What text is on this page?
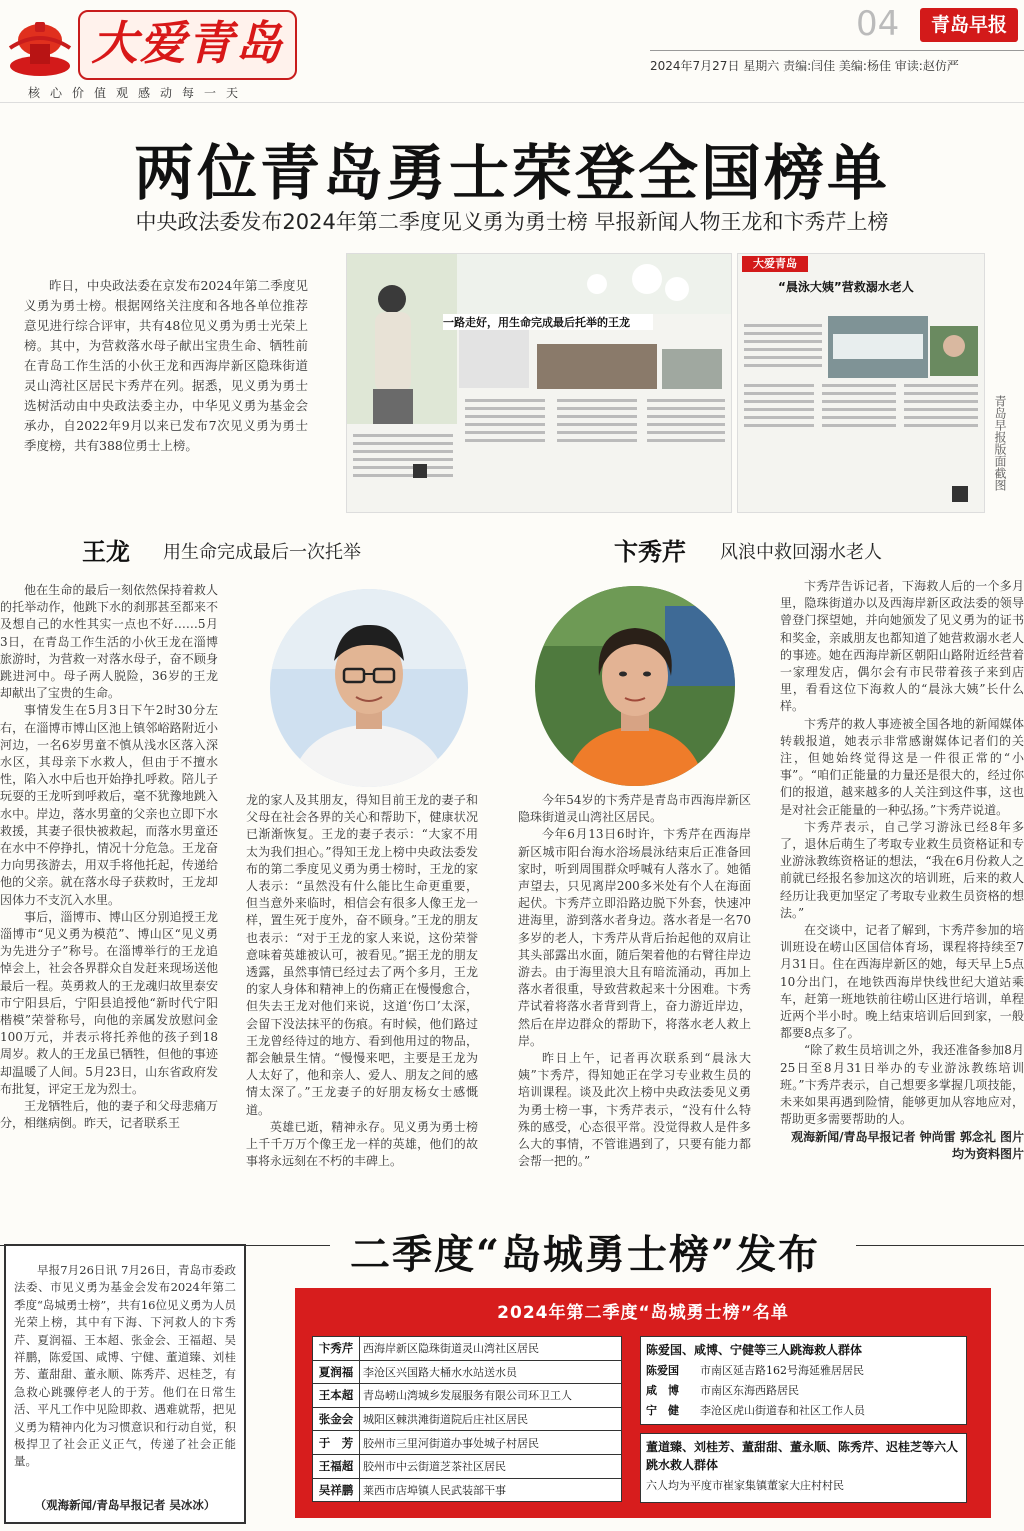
大爱青岛
核心价值观感动每一天
04	青岛早报
2024年7月27日 星期六 责编:闫佳 美编:杨佳 审读:赵仿严
两位青岛勇士荣登全国榜单
中央政法委发布2024年第二季度见义勇为勇士榜 早报新闻人物王龙和卞秀芹上榜

昨日，中央政法委在京发布2024年第二季度见义勇为勇士榜。根据网络关注度和各地各单位推荐意见进行综合评审，共有48位见义勇为勇士光荣上榜。其中，为营救落水母子献出宝贵生命、牺牲前在青岛工作生活的小伙王龙和西海岸新区隐珠街道灵山湾社区居民卞秀芹在列。据悉，见义勇为勇士选树活动由中央政法委主办，中华见义勇为基金会承办，自2022年9月以来已发布7次见义勇为勇士季度榜，共有388位勇士上榜。

一路走好，用生命完成最后托举的王龙
大爱青岛
“晨泳大姨”营救溺水老人
青岛早报版面截图
王龙 用生命完成最后一次托举

他在生命的最后一刻依然保持着救人的托举动作，他跳下水的刹那甚至都来不及想自己的水性其实一点也不好……5月3日，在青岛工作生活的小伙王龙在淄博旅游时，为营救一对落水母子，奋不顾身跳进河中。母子两人脱险，36岁的王龙却献出了宝贵的生命。

事情发生在5月3日下午2时30分左右，在淄博市博山区池上镇邻峪路附近小河边，一名6岁男童不慎从浅水区落入深水区，其母亲下水救人，但由于不擅水性，陷入水中后也开始挣扎呼救。陪儿子玩耍的王龙听到呼救后，毫不犹豫地跳入水中。岸边，落水男童的父亲也立即下水救援，其妻子很快被救起，而落水男童还在水中不停挣扎，情况十分危急。王龙奋力向男孩游去，用双手将他托起，传递给他的父亲。就在落水母子获救时，王龙却因体力不支沉入水里。

事后，淄博市、博山区分别追授王龙淄博市“见义勇为模范”、博山区“见义勇为先进分子”称号。在淄博举行的王龙追悼会上，社会各界群众自发赶来现场送他最后一程。英勇救人的王龙魂归故里泰安市宁阳县后，宁阳县追授他“新时代宁阳楷模”荣誉称号，向他的亲属发放慰问金100万元，并表示将托养他的孩子到18周岁。救人的王龙虽已牺牲，但他的事迹却温暖了人间。5月23日，山东省政府发布批复，评定王龙为烈士。

王龙牺牲后，他的妻子和父母悲痛万分，相继病倒。昨天，记者联系王

龙的家人及其朋友，得知目前王龙的妻子和父母在社会各界的关心和帮助下，健康状况已渐渐恢复。王龙的妻子表示：“大家不用太为我们担心。”得知王龙上榜中央政法委发布的第二季度见义勇为勇士榜时，王龙的家人表示：“虽然没有什么能比生命更重要，但当意外来临时，相信会有很多人像王龙一样，置生死于度外，奋不顾身。”王龙的朋友也表示：“对于王龙的家人来说，这份荣誉意味着英雄被认可，被看见。”据王龙的朋友透露，虽然事情已经过去了两个多月，王龙的家人身体和精神上的伤痛正在慢慢愈合，但失去王龙对他们来说，这道‘伤口’太深，会留下没法抹平的伤痕。有时候，他们路过王龙曾经待过的地方、看到他用过的物品，都会触景生情。“慢慢来吧，主要是王龙为人太好了，他和亲人、爱人、朋友之间的感情太深了。”王龙妻子的好朋友杨女士感慨道。

英雄已逝，精神永存。见义勇为勇士榜上千千万万个像王龙一样的英雄，他们的故事将永远刻在不朽的丰碑上。

卞秀芹 风浪中救回溺水老人

今年54岁的卞秀芹是青岛市西海岸新区隐珠街道灵山湾社区居民。

今年6月13日6时许，卞秀芹在西海岸新区城市阳台海水浴场晨泳结束后正准备回家时，听到周围群众呼喊有人落水了。她循声望去，只见离岸200多米处有个人在海面起伏。卞秀芹立即沿路边脱下外套，快速冲进海里，游到落水者身边。落水者是一名70多岁的老人，卞秀芹从背后抬起他的双肩让其头部露出水面，随后架着他的右臂往岸边游去。由于海里浪大且有暗流涌动，再加上落水者很重，导致营救起来十分困难。卞秀芹试着将落水者背到背上，奋力游近岸边，然后在岸边群众的帮助下，将落水老人救上岸。

昨日上午，记者再次联系到“晨泳大姨”卞秀芹，得知她正在学习专业救生员的培训课程。谈及此次上榜中央政法委见义勇为勇士榜一事，卞秀芹表示，“没有什么特殊的感受，心态很平常。没觉得救人是件多么大的事情，不管谁遇到了，只要有能力都会帮一把的。”

卞秀芹告诉记者，下海救人后的一个多月里，隐珠街道办以及西海岸新区政法委的领导曾登门探望她，并向她颁发了见义勇为的证书和奖金，亲戚朋友也都知道了她营救溺水老人的事迹。她在西海岸新区朝阳山路附近经营着一家理发店，偶尔会有市民带着孩子来到店里，看看这位下海救人的“晨泳大姨”长什么样。

卞秀芹的救人事迹被全国各地的新闻媒体转载报道，她表示非常感谢媒体记者们的关注，但她始终觉得这是一件很正常的“小事”。“咱们正能量的力量还是很大的，经过你们的报道，越来越多的人关注到这件事，这也是对社会正能量的一种弘扬。”卞秀芹说道。

卞秀芹表示，自己学习游泳已经8年多了，退休后萌生了考取专业救生员资格证和专业游泳教练资格证的想法，“我在6月份救人之前就已经报名参加这次的培训班，后来的救人经历让我更加坚定了考取专业救生员资格的想法。”

在交谈中，记者了解到，卞秀芹参加的培训班设在崂山区国信体育场，课程将持续至7月31日。住在西海岸新区的她，每天早上5点10分出门，在地铁西海岸快线世纪大道站乘车，赶第一班地铁前往崂山区进行培训，单程近两个半小时。晚上结束培训后回到家，一般都要8点多了。

“除了救生员培训之外，我还准备参加8月25日至8月31日举办的专业游泳教练培训班。”卞秀芹表示，自己想要多掌握几项技能，未来如果再遇到险情，能够更加从容地应对，帮助更多需要帮助的人。

观海新闻/青岛早报记者 钟尚雷 郭念礼 图片均为资料图片
二季度“岛城勇士榜”发布

早报7月26日讯 7月26日，青岛市委政法委、市见义勇为基金会发布2024年第二季度“岛城勇士榜”，共有16位见义勇为人员光荣上榜，其中有下海、下河救人的卞秀芹、夏润福、王本超、张金会、王福超、吴祥鹏，陈爱国、咸博、宁健、董道臻、刘桂芳、董甜甜、董永顺、陈秀芹、迟桂芝，有急救心跳骤停老人的于芳。他们在日常生活、平凡工作中见险即救、遇难就帮，把见义勇为精神内化为习惯意识和行动自觉，积极捍卫了社会正义正气，传递了社会正能量。

（观海新闻/青岛早报记者 吴冰冰）
2024年第二季度“岛城勇士榜”名单
卞秀芹	西海岸新区隐珠街道灵山湾社区居民
夏润福	李沧区兴国路大桶水水站送水员
王本超	青岛崂山湾城乡发展服务有限公司环卫工人
张金会	城阳区棘洪滩街道院后庄社区居民
于　芳	胶州市三里河街道办事处城子村居民
王福超	胶州市中云街道芝茶社区居民
吴祥鹏	莱西市店埠镇人民武装部干事
陈爱国、咸博、宁健等三人跳海救人群体
陈爱国	市南区延吉路162号海延雅居居民
咸　博	市南区东海西路居民
宁　健	李沧区虎山街道春和社区工作人员
董道臻、刘桂芳、董甜甜、董永顺、陈秀芹、迟桂芝等六人跳水救人群体
六人均为平度市崔家集镇董家大庄村村民
